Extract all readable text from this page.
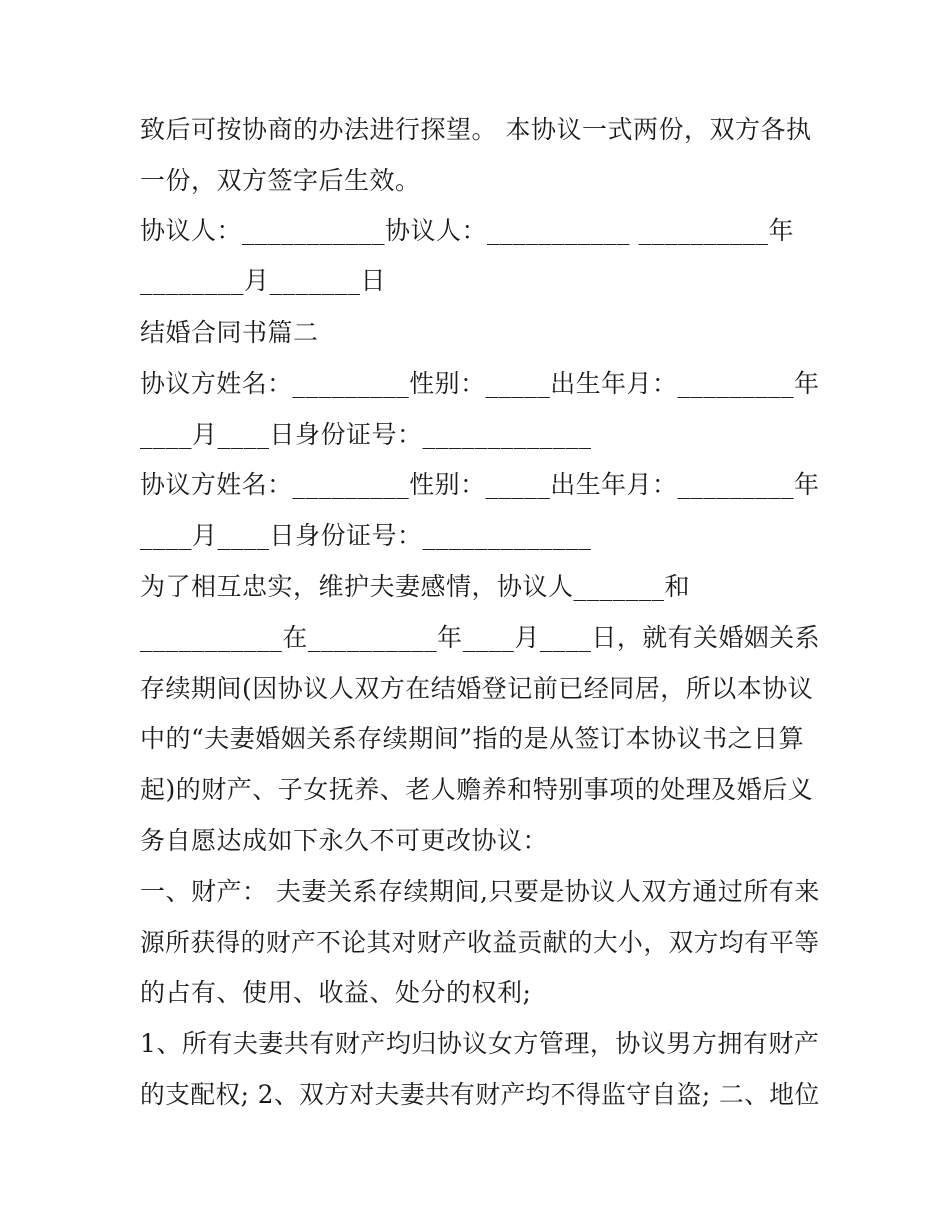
致后可按协商的办法进行探望。 本协议一式两份，双方各执
一份，双方签字后生效。
协议人：___________协议人：___________ __________年
________月_______日
结婚合同书篇二
协议方姓名：_________性别：_____出生年月：_________年
____月____日身份证号：_____________
协议方姓名：_________性别：_____出生年月：_________年
____月____日身份证号：_____________
为了相互忠实，维护夫妻感情，协议人_______和
___________在__________年____月____日，就有关婚姻关系
存续期间(因协议人双方在结婚登记前已经同居，所以本协议
中的“夫妻婚姻关系存续期间”指的是从签订本协议书之日算
起)的财产、子女抚养、老人赡养和特别事项的处理及婚后义
务自愿达成如下永久不可更改协议：
一、财产： 夫妻关系存续期间,只要是协议人双方通过所有来
源所获得的财产不论其对财产收益贡献的大小，双方均有平等
的占有、使用、收益、处分的权利;
1、所有夫妻共有财产均归协议女方管理，协议男方拥有财产
的支配权; 2、双方对夫妻共有财产均不得监守自盗; 二、地位
